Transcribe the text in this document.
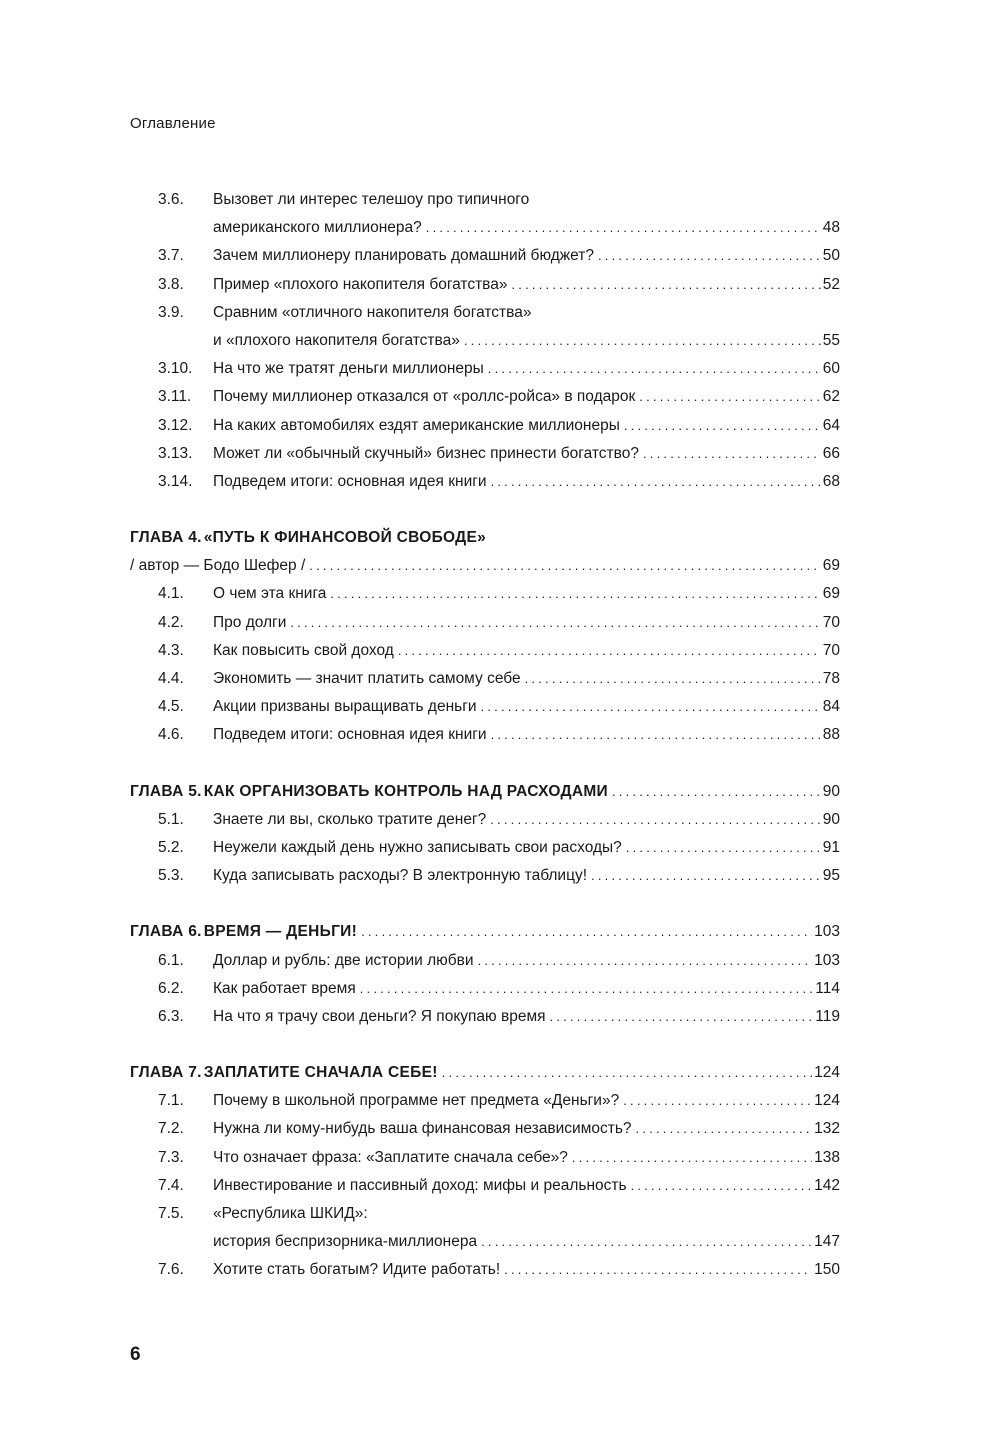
Оглавление
3.6.	Вызовет ли интерес телешоу про типичного
американского миллионера? .....	48
3.7.	Зачем миллионеру планировать домашний бюджет? .....	50
3.8.	Пример «плохого накопителя богатства» .....	52
3.9.	Сравним «отличного накопителя богатства»
и «плохого накопителя богатства» .....	55
3.10.	На что же тратят деньги миллионеры .....	60
3.11.	Почему миллионер отказался от «роллс-ройса» в подарок .....	62
3.12.	На каких автомобилях ездят американские миллионеры .....	64
3.13.	Может ли «обычный скучный» бизнес принести богатство? .....	66
3.14.	Подведем итоги: основная идея книги .....	68
ГЛАВА 4. «ПУТЬ К ФИНАНСОВОЙ СВОБОДЕ»
/ автор — Бодо Шефер / .....	69
4.1.	О чем эта книга .....	69
4.2.	Про долги .....	70
4.3.	Как повысить свой доход .....	70
4.4.	Экономить — значит платить самому себе .....	78
4.5.	Акции призваны выращивать деньги .....	84
4.6.	Подведем итоги: основная идея книги .....	88
ГЛАВА 5. КАК ОРГАНИЗОВАТЬ КОНТРОЛЬ НАД РАСХОДАМИ .....	90
5.1.	Знаете ли вы, сколько тратите денег? .....	90
5.2.	Неужели каждый день нужно записывать свои расходы? .....	91
5.3.	Куда записывать расходы? В электронную таблицу! .....	95
ГЛАВА 6. ВРЕМЯ — ДЕНЬГИ! .....	103
6.1.	Доллар и рубль: две истории любви .....	103
6.2.	Как работает время .....	114
6.3.	На что я трачу свои деньги? Я покупаю время .....	119
ГЛАВА 7. ЗАПЛАТИТЕ СНАЧАЛА СЕБЕ! .....	124
7.1.	Почему в школьной программе нет предмета «Деньги»? .....	124
7.2.	Нужна ли кому-нибудь ваша финансовая независимость? .....	132
7.3.	Что означает фраза: «Заплатите сначала себе»? .....	138
7.4.	Инвестирование и пассивный доход: мифы и реальность .....	142
7.5.	«Республика ШКИД»:
история беспризорника-миллионера .....	147
7.6.	Хотите стать богатым? Идите работать! .....	150
6
